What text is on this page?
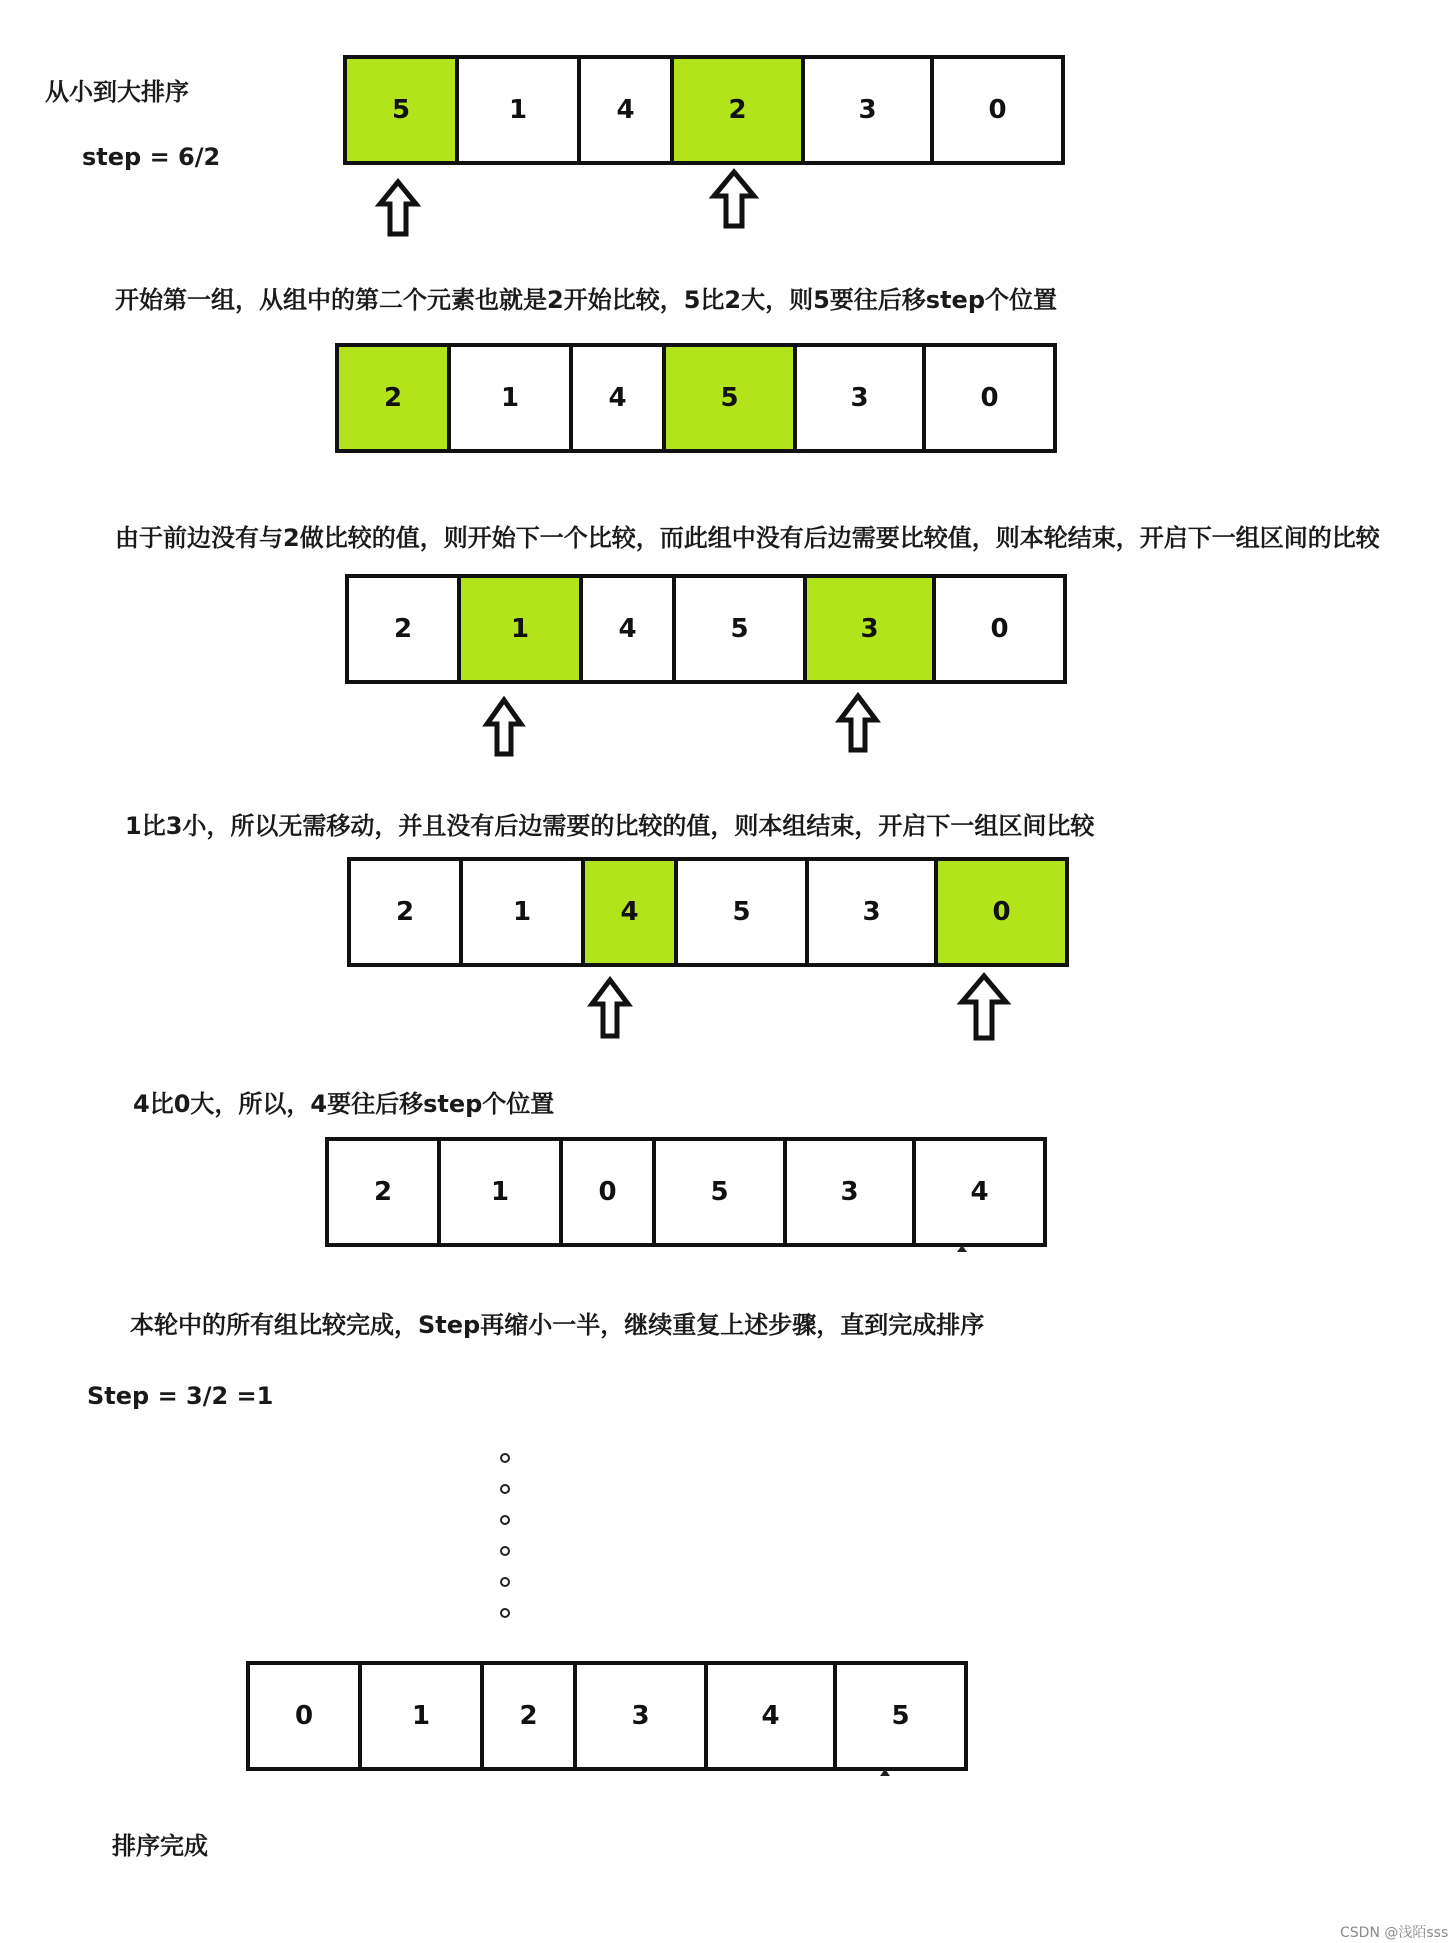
从小到大排序
step = 6/2
5	1	4	2	3	0
开始第一组，从组中的第二个元素也就是2开始比较，5比2大，则5要往后移step个位置
2	1	4	5	3	0
由于前边没有与2做比较的值，则开始下一个比较，而此组中没有后边需要比较值，则本轮结束，开启下一组区间的比较
2	1	4	5	3	0
1比3小，所以无需移动，并且没有后边需要的比较的值，则本组结束，开启下一组区间比较
2	1	4	5	3	0
4比0大，所以，4要往后移step个位置
2	1	0	5	3	4
本轮中的所有组比较完成，Step再缩小一半，继续重复上述步骤，直到完成排序
Step = 3/2 =1
0	1	2	3	4	5
排序完成
CSDN @浅陌sss
